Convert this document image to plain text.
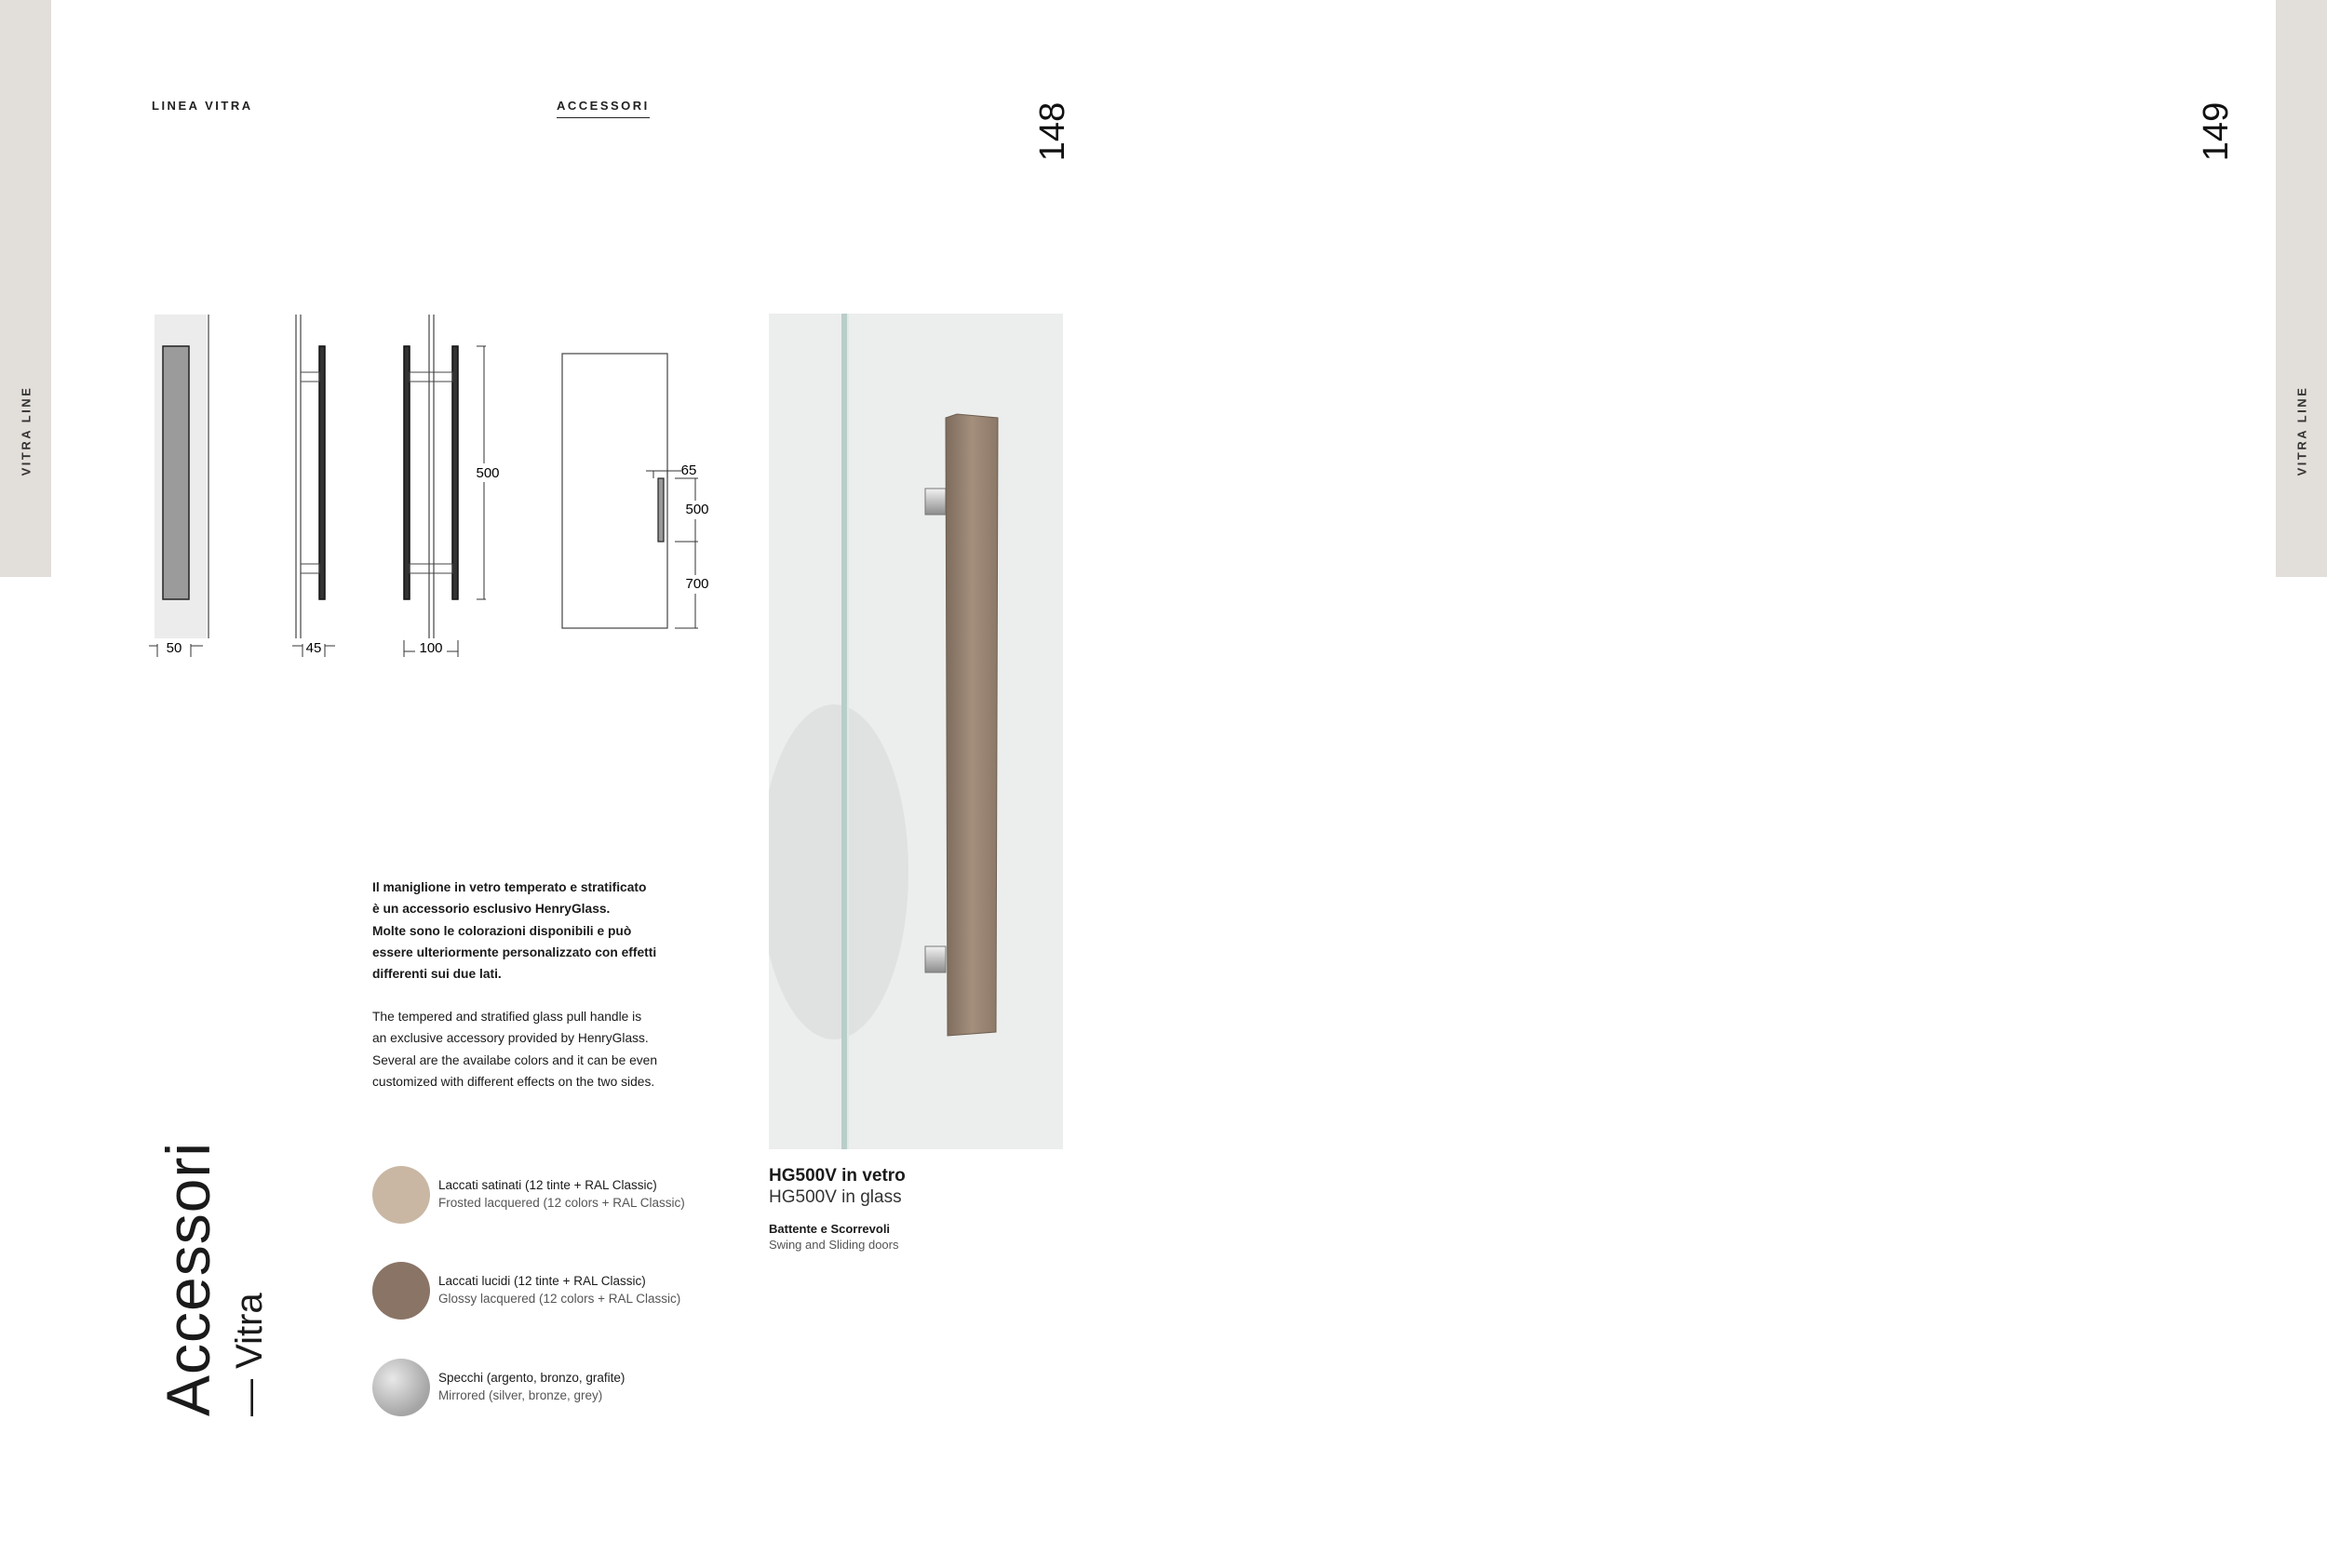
VITRA LINE	VITRA LINE
LINEA VITRA	ACCESSORI	148	149
50	45	100
500	65
500
700
Il maniglione in vetro temperato e stratificato
è un accessorio esclusivo HenryGlass.
Molte sono le colorazioni disponibili e può
essere ulteriormente personalizzato con effetti
differenti sui due lati.
The tempered and stratified glass pull handle is
an exclusive accessory provided by HenryGlass.
Several are the availabe colors and it can be even
customized with different effects on the two sides.
Laccati satinati (12 tinte + RAL Classic)
Frosted lacquered (12 colors + RAL Classic)
Laccati lucidi (12 tinte + RAL Classic)
Glossy lacquered (12 colors + RAL Classic)
Specchi (argento, bronzo, grafite)
Mirrored (silver, bronze, grey)
HG500V in vetro
HG500V in glass
Battente e Scorrevoli
Swing and Sliding doors
Accessori — Vitra
